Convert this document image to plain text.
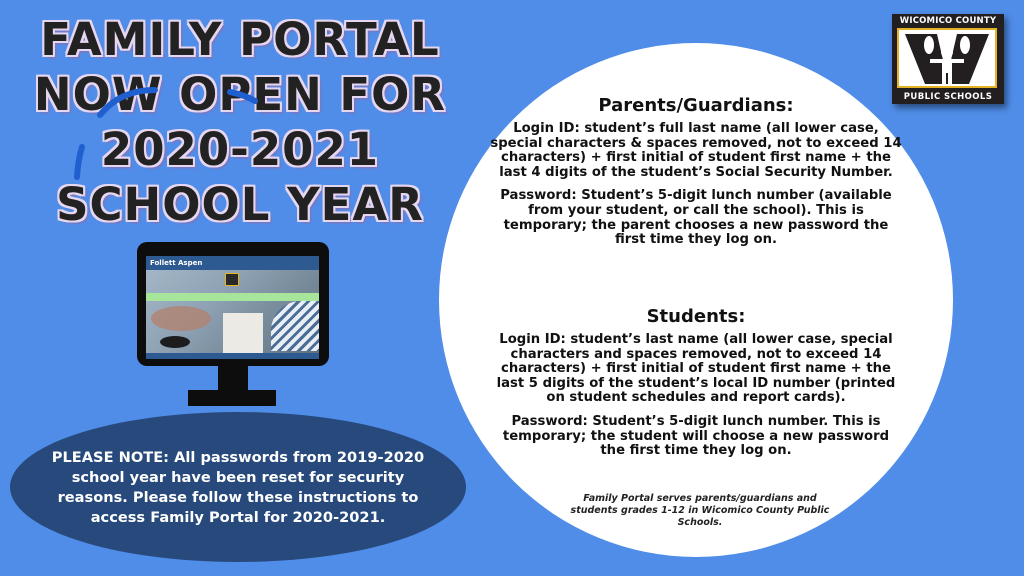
FAMILY PORTAL
NOW OPEN FOR
2020-2021
SCHOOL YEAR
Follett Aspen
PLEASE NOTE: All passwords from 2019-2020 school year have been reset for security reasons. Please follow these instructions to access Family Portal for 2020-2021.
Parents/Guardians:

Login ID: student’s full last name (all lower case, special characters & spaces removed, not to exceed 14 characters) + first initial of student first name + the last 4 digits of the student’s Social Security Number.

Password: Student’s 5-digit lunch number (available from your student, or call the school). This is temporary; the parent chooses a new password the first time they log on.

Students:

Login ID: student’s last name (all lower case, special characters and spaces removed, not to exceed 14 characters) + first initial of student first name + the last 5 digits of the student’s local ID number (printed on student schedules and report cards).

Password: Student’s 5-digit lunch number. This is temporary; the student will choose a new password the first time they log on.

Family Portal serves parents/guardians and students grades 1-12 in Wicomico County Public Schools.
WICOMICO COUNTY
PUBLIC SCHOOLS
